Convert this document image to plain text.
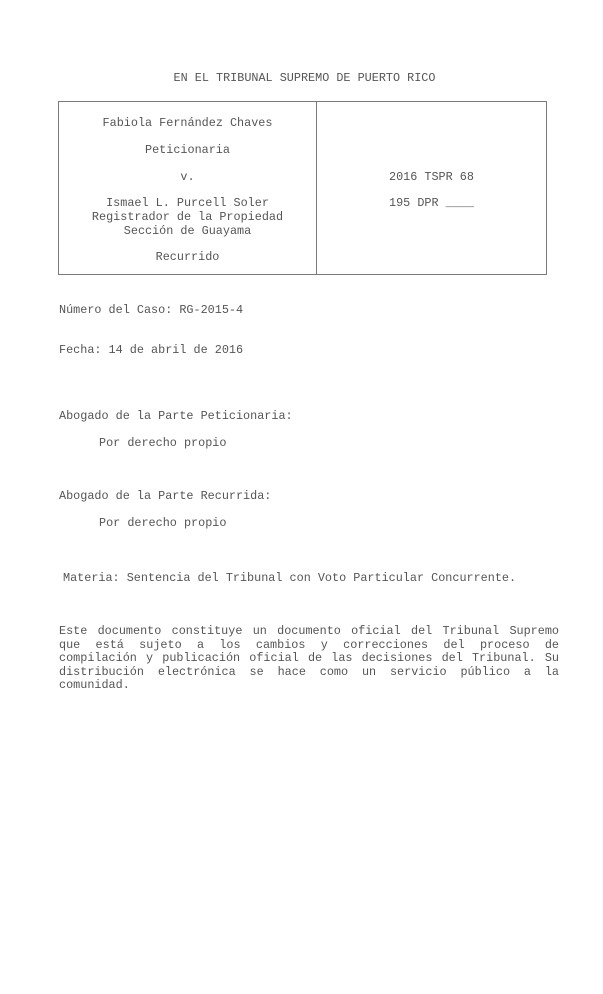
EN EL TRIBUNAL SUPREMO DE PUERTO RICO
Fabiola Fernández Chaves
Peticionaria
v.
Ismael L. Purcell Soler
Registrador de la Propiedad
Sección de Guayama
Recurrido
2016 TSPR 68
195 DPR ____
Número del Caso: RG-2015-4
Fecha: 14 de abril de 2016
Abogado de la Parte Peticionaria:
Por derecho propio
Abogado de la Parte Recurrida:
Por derecho propio
Materia: Sentencia del Tribunal con Voto Particular Concurrente.
Este documento constituye un documento oficial del Tribunal Supremo que está sujeto a los cambios y correcciones del proceso de compilación y publicación oficial de las decisiones del Tribunal. Su distribución electrónica se hace como un servicio público a la comunidad.
